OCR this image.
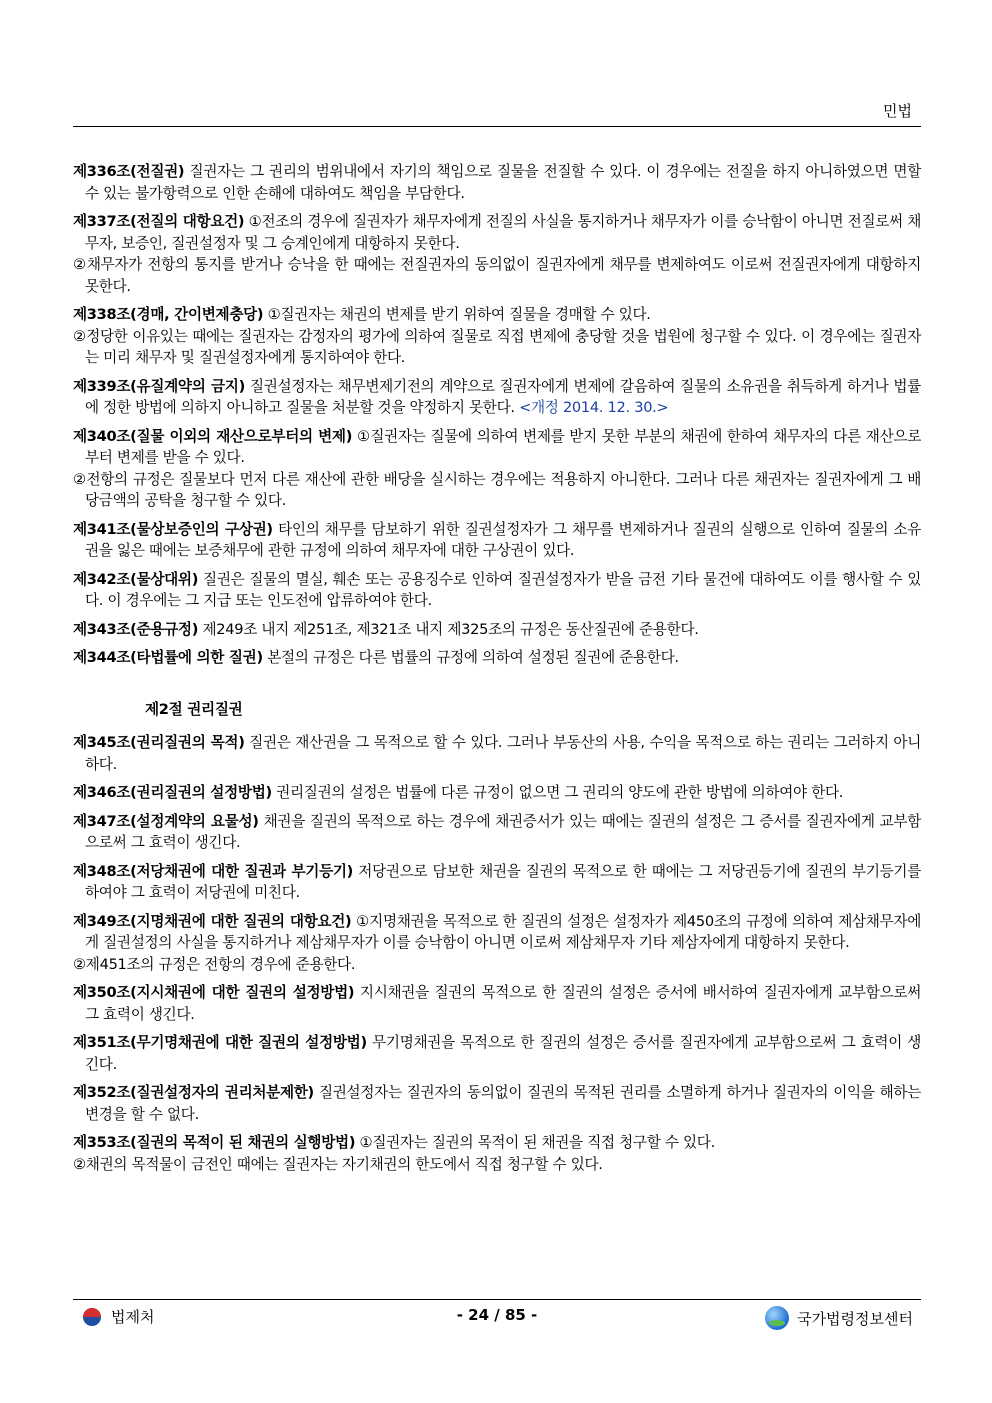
민법
제336조(전질권) 질권자는 그 권리의 범위내에서 자기의 책임으로 질물을 전질할 수 있다. 이 경우에는 전질을 하지 아니하였으면 면할 수 있는 불가항력으로 인한 손해에 대하여도 책임을 부담한다.
제337조(전질의 대항요건) ①전조의 경우에 질권자가 채무자에게 전질의 사실을 통지하거나 채무자가 이를 승낙함이 아니면 전질로써 채무자, 보증인, 질권설정자 및 그 승계인에게 대항하지 못한다.
②채무자가 전항의 통지를 받거나 승낙을 한 때에는 전질권자의 동의없이 질권자에게 채무를 변제하여도 이로써 전질권자에게 대항하지 못한다.
제338조(경매, 간이변제충당) ①질권자는 채권의 변제를 받기 위하여 질물을 경매할 수 있다.
②정당한 이유있는 때에는 질권자는 감정자의 평가에 의하여 질물로 직접 변제에 충당할 것을 법원에 청구할 수 있다. 이 경우에는 질권자는 미리 채무자 및 질권설정자에게 통지하여야 한다.
제339조(유질계약의 금지) 질권설정자는 채무변제기전의 계약으로 질권자에게 변제에 갈음하여 질물의 소유권을 취득하게 하거나 법률에 정한 방법에 의하지 아니하고 질물을 처분할 것을 약정하지 못한다. <개정 2014. 12. 30.>
제340조(질물 이외의 재산으로부터의 변제) ①질권자는 질물에 의하여 변제를 받지 못한 부분의 채권에 한하여 채무자의 다른 재산으로부터 변제를 받을 수 있다.
②전항의 규정은 질물보다 먼저 다른 재산에 관한 배당을 실시하는 경우에는 적용하지 아니한다. 그러나 다른 채권자는 질권자에게 그 배당금액의 공탁을 청구할 수 있다.
제341조(물상보증인의 구상권) 타인의 채무를 담보하기 위한 질권설정자가 그 채무를 변제하거나 질권의 실행으로 인하여 질물의 소유권을 잃은 때에는 보증채무에 관한 규정에 의하여 채무자에 대한 구상권이 있다.
제342조(물상대위) 질권은 질물의 멸실, 훼손 또는 공용징수로 인하여 질권설정자가 받을 금전 기타 물건에 대하여도 이를 행사할 수 있다. 이 경우에는 그 지급 또는 인도전에 압류하여야 한다.
제343조(준용규정) 제249조 내지 제251조, 제321조 내지 제325조의 규정은 동산질권에 준용한다.
제344조(타법률에 의한 질권) 본절의 규정은 다른 법률의 규정에 의하여 설정된 질권에 준용한다.
제2절 권리질권
제345조(권리질권의 목적) 질권은 재산권을 그 목적으로 할 수 있다. 그러나 부동산의 사용, 수익을 목적으로 하는 권리는 그러하지 아니하다.
제346조(권리질권의 설정방법) 권리질권의 설정은 법률에 다른 규정이 없으면 그 권리의 양도에 관한 방법에 의하여야 한다.
제347조(설정계약의 요물성) 채권을 질권의 목적으로 하는 경우에 채권증서가 있는 때에는 질권의 설정은 그 증서를 질권자에게 교부함으로써 그 효력이 생긴다.
제348조(저당채권에 대한 질권과 부기등기) 저당권으로 담보한 채권을 질권의 목적으로 한 때에는 그 저당권등기에 질권의 부기등기를 하여야 그 효력이 저당권에 미친다.
제349조(지명채권에 대한 질권의 대항요건) ①지명채권을 목적으로 한 질권의 설정은 설정자가 제450조의 규정에 의하여 제삼채무자에게 질권설정의 사실을 통지하거나 제삼채무자가 이를 승낙함이 아니면 이로써 제삼채무자 기타 제삼자에게 대항하지 못한다.
②제451조의 규정은 전항의 경우에 준용한다.
제350조(지시채권에 대한 질권의 설정방법) 지시채권을 질권의 목적으로 한 질권의 설정은 증서에 배서하여 질권자에게 교부함으로써 그 효력이 생긴다.
제351조(무기명채권에 대한 질권의 설정방법) 무기명채권을 목적으로 한 질권의 설정은 증서를 질권자에게 교부함으로써 그 효력이 생긴다.
제352조(질권설정자의 권리처분제한) 질권설정자는 질권자의 동의없이 질권의 목적된 권리를 소멸하게 하거나 질권자의 이익을 해하는 변경을 할 수 없다.
제353조(질권의 목적이 된 채권의 실행방법) ①질권자는 질권의 목적이 된 채권을 직접 청구할 수 있다.
②채권의 목적물이 금전인 때에는 질권자는 자기채권의 한도에서 직접 청구할 수 있다.
법제처	- 24 / 85 -	국가법령정보센터
